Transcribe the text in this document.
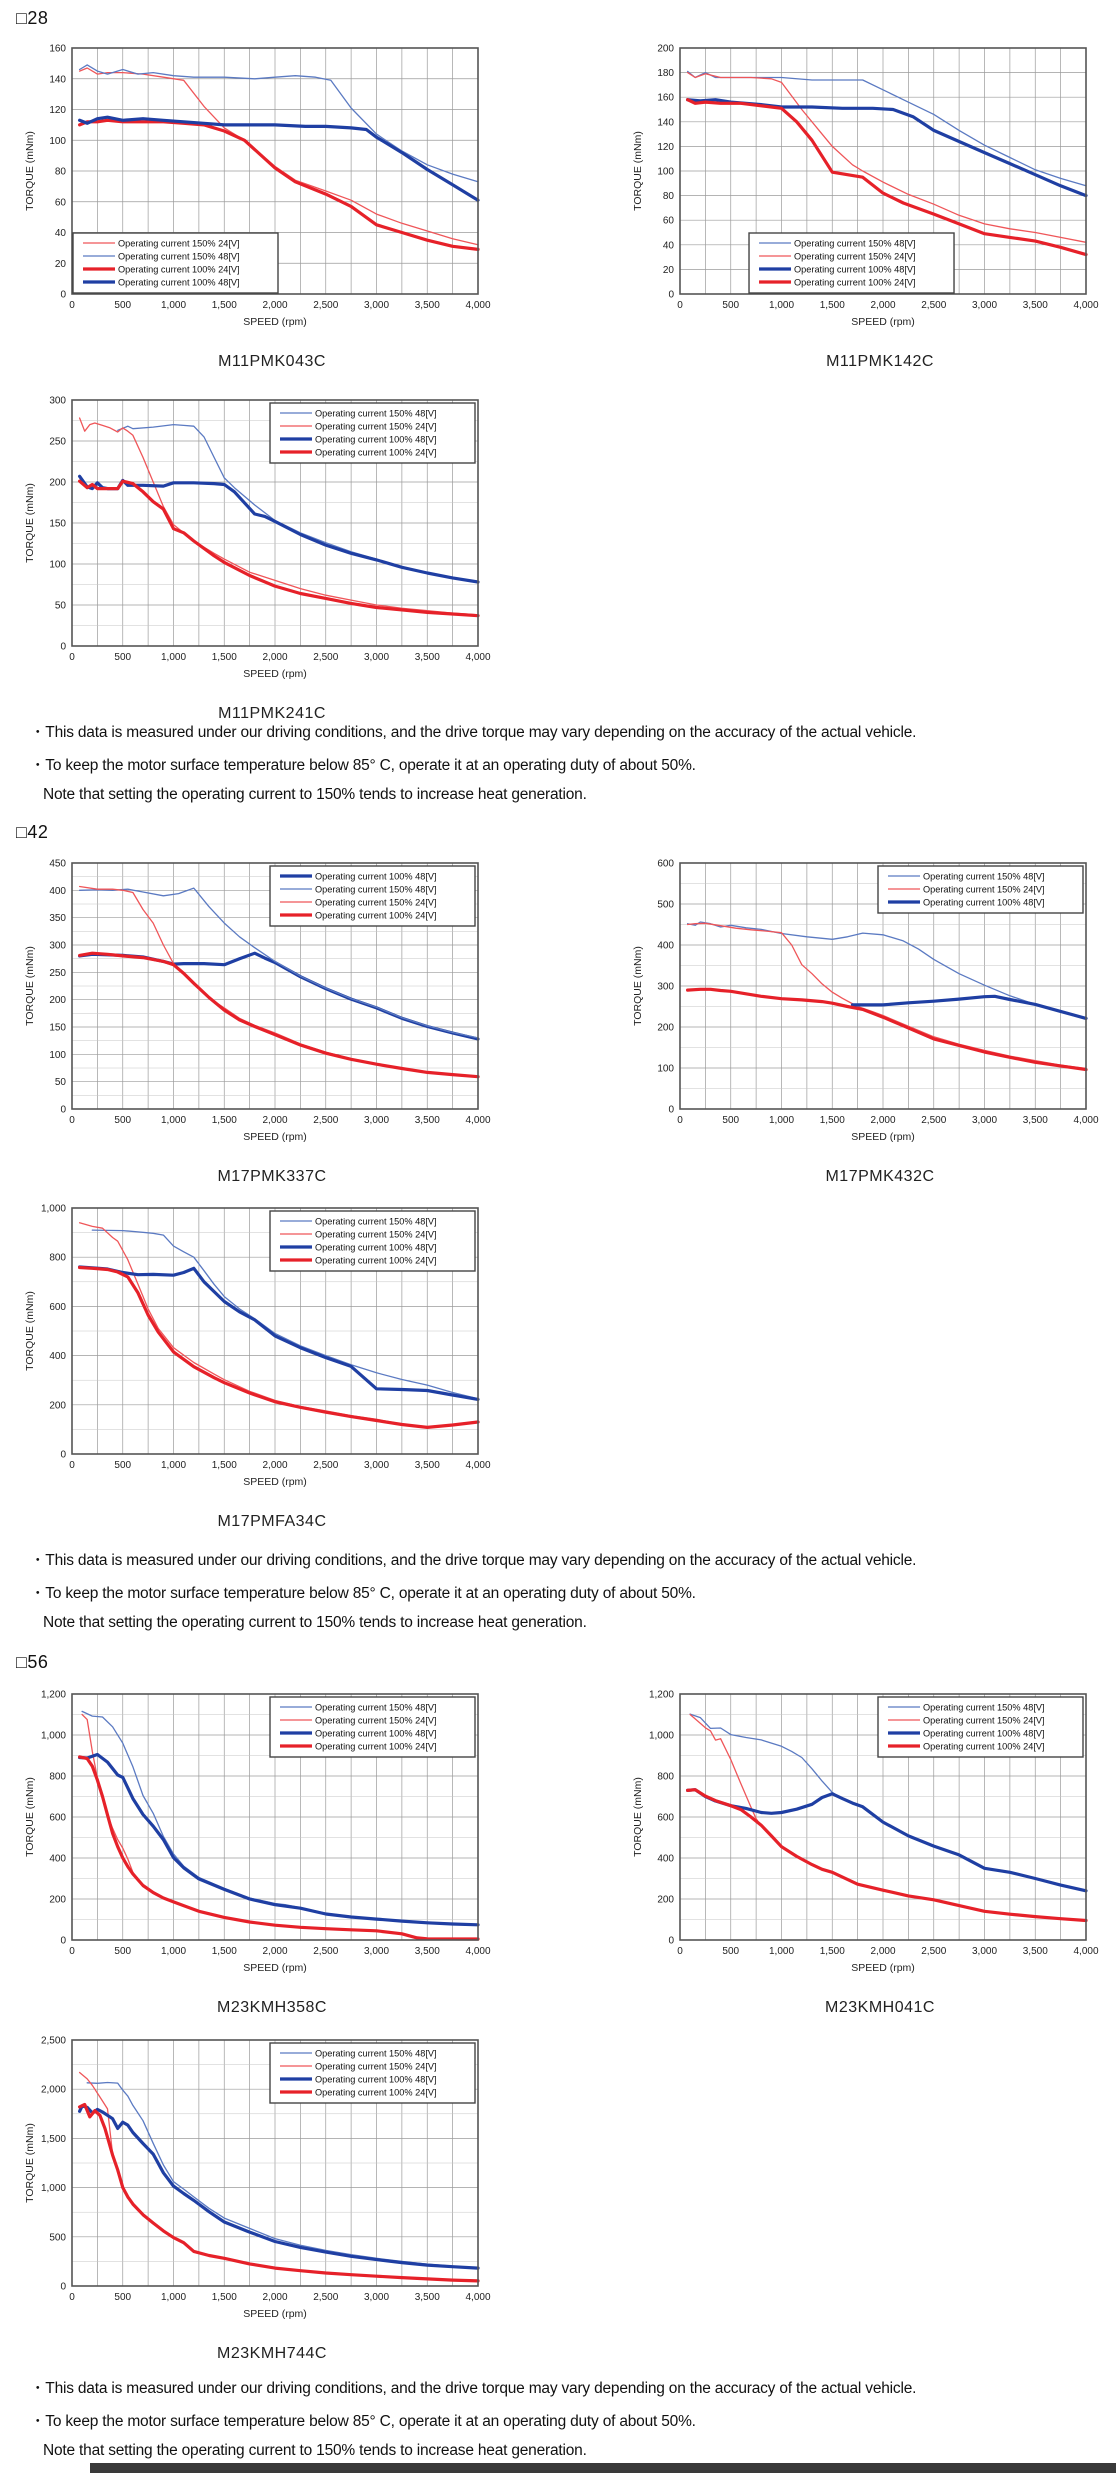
□28
0
20
40
60
80
100
120
140
160
0	500	1,000	1,500	2,000	2,500	3,000	3,500	4,000
SPEED (rpm)
TORQUE (mNm)
Operating current 150% 24[V]
Operating current 150% 48[V]
Operating current 100% 24[V]
Operating current 100% 48[V]
M11PMK043C
0
20
40
60
80
100
120
140
160
180
200
0	500	1,000	1,500	2,000	2,500	3,000	3,500	4,000
SPEED (rpm)
TORQUE (mNm)
Operating current 150% 48[V]
Operating current 150% 24[V]
Operating current 100% 48[V]
Operating current 100% 24[V]
M11PMK142C
0
50
100
150
200
250
300
0	500	1,000	1,500	2,000	2,500	3,000	3,500	4,000
SPEED (rpm)
TORQUE (mNm)
Operating current 150% 48[V]
Operating current 150% 24[V]
Operating current 100% 48[V]
Operating current 100% 24[V]
M11PMK241C
・This data is measured under our driving conditions, and the drive torque may vary depending on the accuracy of the actual vehicle.
・To keep the motor surface temperature below 85° C, operate it at an operating duty of about 50%.
Note that setting the operating current to 150% tends to increase heat generation.
□42
0
50
100
150
200
250
300
350
400
450
0	500	1,000	1,500	2,000	2,500	3,000	3,500	4,000
SPEED (rpm)
TORQUE (mNm)
Operating current 100% 48[V]
Operating current 150% 48[V]
Operating current 150% 24[V]
Operating current 100% 24[V]
M17PMK337C
0
100
200
300
400
500
600
0	500	1,000	1,500	2,000	2,500	3,000	3,500	4,000
SPEED (rpm)
TORQUE (mNm)
Operating current 150% 48[V]
Operating current 150% 24[V]
Operating current 100% 48[V]
M17PMK432C
0
200
400
600
800
1,000
0	500	1,000	1,500	2,000	2,500	3,000	3,500	4,000
SPEED (rpm)
TORQUE (mNm)
Operating current 150% 48[V]
Operating current 150% 24[V]
Operating current 100% 48[V]
Operating current 100% 24[V]
M17PMFA34C
・This data is measured under our driving conditions, and the drive torque may vary depending on the accuracy of the actual vehicle.
・To keep the motor surface temperature below 85° C, operate it at an operating duty of about 50%.
Note that setting the operating current to 150% tends to increase heat generation.
□56
0
200
400
600
800
1,000
1,200
0	500	1,000	1,500	2,000	2,500	3,000	3,500	4,000
SPEED (rpm)
TORQUE (mNm)
Operating current 150% 48[V]
Operating current 150% 24[V]
Operating current 100% 48[V]
Operating current 100% 24[V]
M23KMH358C
0
200
400
600
800
1,000
1,200
0	500	1,000	1,500	2,000	2,500	3,000	3,500	4,000
SPEED (rpm)
TORQUE (mNm)
Operating current 150% 48[V]
Operating current 150% 24[V]
Operating current 100% 48[V]
Operating current 100% 24[V]
M23KMH041C
0
500
1,000
1,500
2,000
2,500
0	500	1,000	1,500	2,000	2,500	3,000	3,500	4,000
SPEED (rpm)
TORQUE (mNm)
Operating current 150% 48[V]
Operating current 150% 24[V]
Operating current 100% 48[V]
Operating current 100% 24[V]
M23KMH744C
・This data is measured under our driving conditions, and the drive torque may vary depending on the accuracy of the actual vehicle.
・To keep the motor surface temperature below 85° C, operate it at an operating duty of about 50%.
Note that setting the operating current to 150% tends to increase heat generation.
